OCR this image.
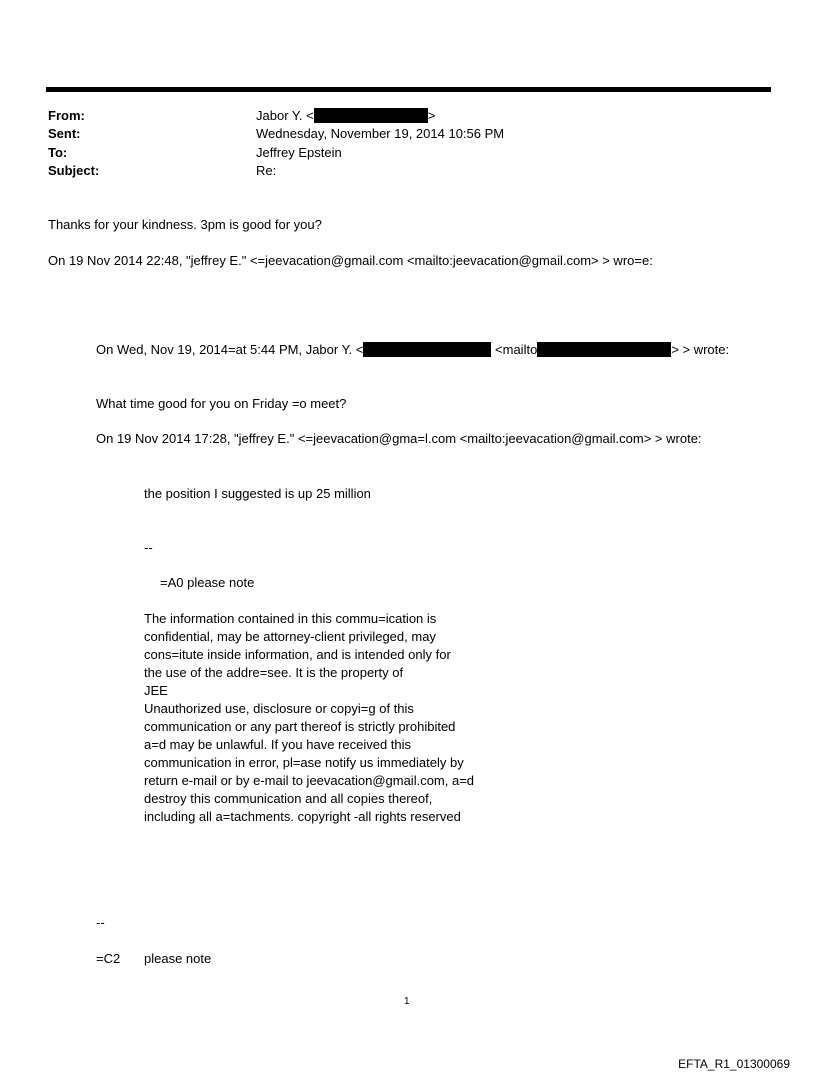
From:	Jabor Y. <	>
Sent:	Wednesday, November 19, 2014 10:56 PM
To:	Jeffrey Epstein
Subject:	Re:
Thanks for your kindness. 3pm is good for you?
On 19 Nov 2014 22:48, "jeffrey E." <=jeevacation@gmail.com <mailto:jeevacation@gmail.com> > wro=e:
On Wed, Nov 19, 2014=at 5:44 PM, Jabor Y. <	<mailto	> > wrote:
What time good for you on Friday =o meet?
On 19 Nov 2014 17:28, "jeffrey E." <=jeevacation@gma=l.com <mailto:jeevacation@gmail.com> > wrote:
the position I suggested is up 25 million
--
=A0 please note
The information contained in this commu=ication is
confidential, may be attorney-client privileged, may
cons=itute inside information, and is intended only for
the use of the addre=see. It is the property of
JEE
Unauthorized use, disclosure or copyi=g of this
communication or any part thereof is strictly prohibited
a=d may be unlawful. If you have received this
communication in error, pl=ase notify us immediately by
return e-mail or by e-mail to jeevacation@gmail.com, a=d
destroy this communication and all copies thereof,
including all a=tachments. copyright -all rights reserved
--
=C2 please note
1
EFTA_R1_01300069
